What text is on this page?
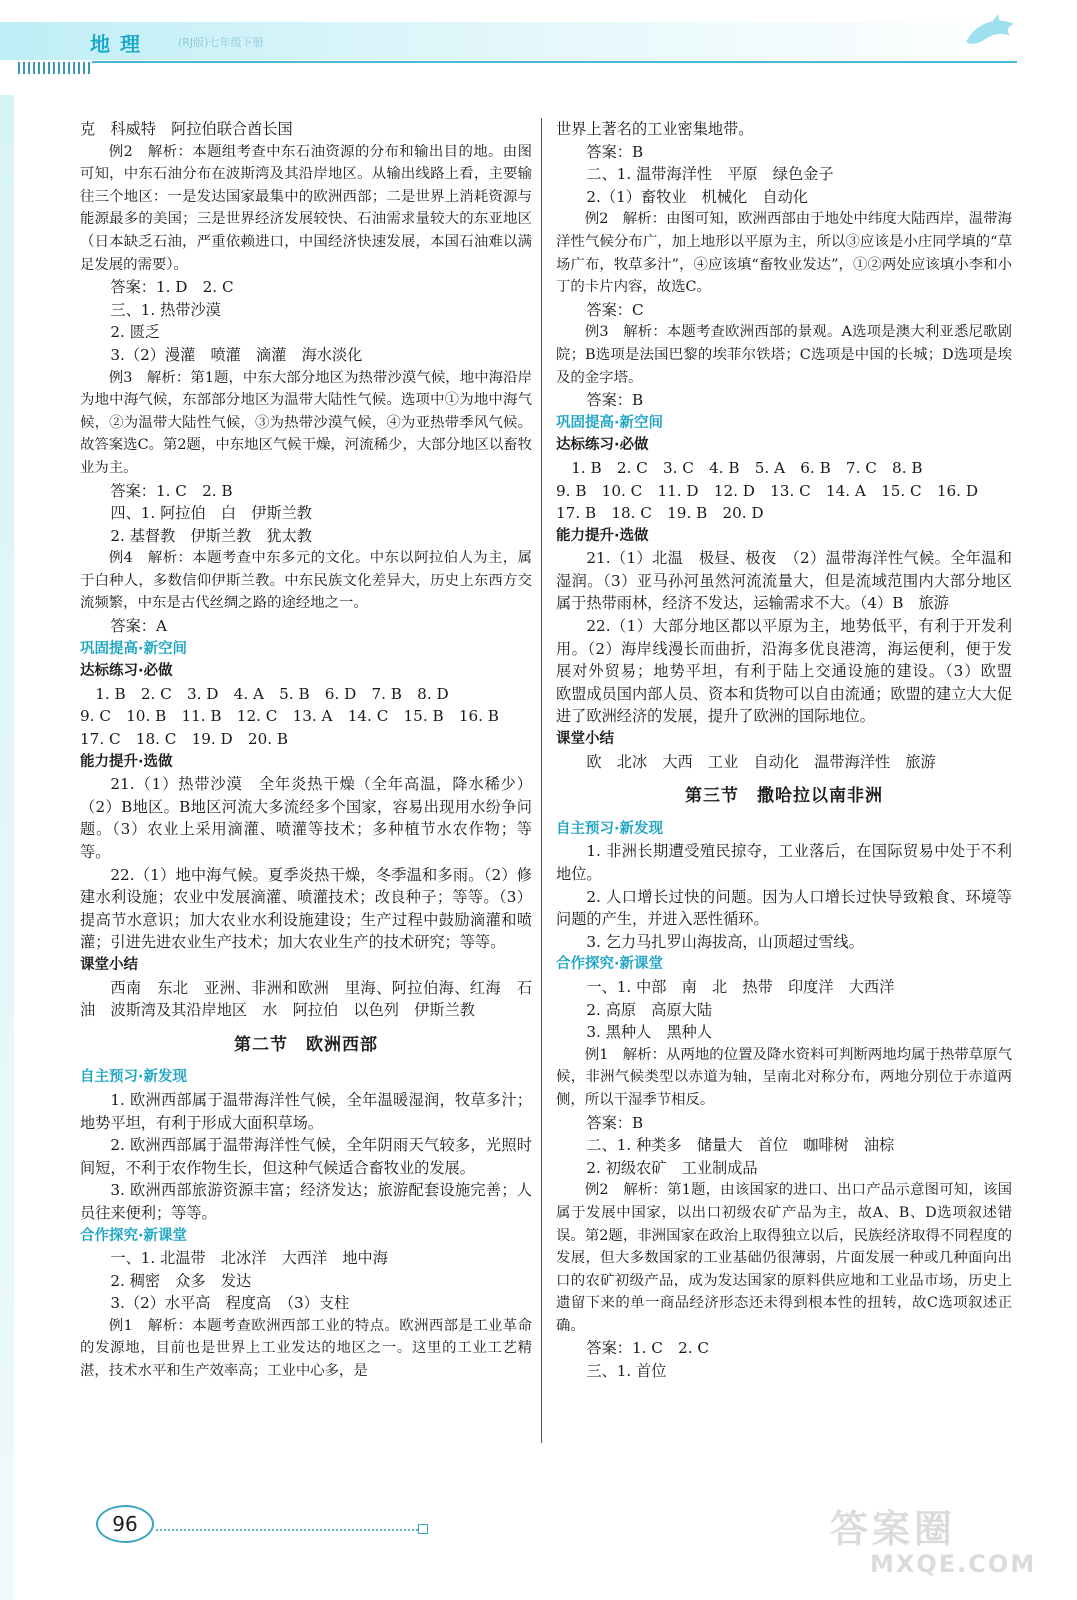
地理	(RJ版)七年级下册
克　科威特　阿拉伯联合酋长国
例2　解析：本题组考查中东石油资源的分布和输出目的地。由图可知，中东石油分布在波斯湾及其沿岸地区。从输出线路上看，主要输往三个地区：一是发达国家最集中的欧洲西部；二是世界上消耗资源与能源最多的美国；三是世界经济发展较快、石油需求量较大的东亚地区（日本缺乏石油，严重依赖进口，中国经济快速发展，本国石油难以满足发展的需要）。
答案：1. D　2. C
三、1. 热带沙漠
2. 匮乏
3.（2）漫灌　喷灌　滴灌　海水淡化
例3　解析：第1题，中东大部分地区为热带沙漠气候，地中海沿岸为地中海气候，东部部分地区为温带大陆性气候。选项中①为地中海气候，②为温带大陆性气候，③为热带沙漠气候，④为亚热带季风气候。故答案选C。第2题，中东地区气候干燥，河流稀少，大部分地区以畜牧业为主。
答案：1. C　2. B
四、1. 阿拉伯　白　伊斯兰教
2. 基督教　伊斯兰教　犹太教
例4　解析：本题考查中东多元的文化。中东以阿拉伯人为主，属于白种人，多数信仰伊斯兰教。中东民族文化差异大，历史上东西方交流频繁，中东是古代丝绸之路的途经地之一。
答案：A
巩固提高·新空间
达标练习·必做
　1. B　2. C　3. D　4. A　5. B　6. D　7. B　8. D
9. C　10. B　11. B　12. C　13. A　14. C　15. B　16. B
17. C　18. C　19. D　20. B
能力提升·选做
21.（1）热带沙漠　全年炎热干燥（全年高温，降水稀少）（2）B地区。B地区河流大多流经多个国家，容易出现用水纷争问题。（3）农业上采用滴灌、喷灌等技术；多种植节水农作物；等等。
22.（1）地中海气候。夏季炎热干燥，冬季温和多雨。（2）修建水利设施；农业中发展滴灌、喷灌技术；改良种子；等等。（3）提高节水意识；加大农业水利设施建设；生产过程中鼓励滴灌和喷灌；引进先进农业生产技术；加大农业生产的技术研究；等等。
课堂小结
西南　东北　亚洲、非洲和欧洲　里海、阿拉伯海、红海　石油　波斯湾及其沿岸地区　水　阿拉伯　以色列　伊斯兰教
第二节　欧洲西部
自主预习·新发现
1. 欧洲西部属于温带海洋性气候，全年温暖湿润，牧草多汁；地势平坦，有利于形成大面积草场。
2. 欧洲西部属于温带海洋性气候，全年阴雨天气较多，光照时间短，不利于农作物生长，但这种气候适合畜牧业的发展。
3. 欧洲西部旅游资源丰富；经济发达；旅游配套设施完善；人员往来便利；等等。
合作探究·新课堂
一、1. 北温带　北冰洋　大西洋　地中海
2. 稠密　众多　发达
3.（2）水平高　程度高　（3）支柱
例1　解析：本题考查欧洲西部工业的特点。欧洲西部是工业革命的发源地，目前也是世界上工业发达的地区之一。这里的工业工艺精湛，技术水平和生产效率高；工业中心多，是
世界上著名的工业密集地带。
答案：B
二、1. 温带海洋性　平原　绿色金子
2.（1）畜牧业　机械化　自动化
例2　解析：由图可知，欧洲西部由于地处中纬度大陆西岸，温带海洋性气候分布广，加上地形以平原为主，所以③应该是小庄同学填的“草场广布，牧草多汁”，④应该填“畜牧业发达”，①②两处应该填小李和小丁的卡片内容，故选C。
答案：C
例3　解析：本题考查欧洲西部的景观。A选项是澳大利亚悉尼歌剧院；B选项是法国巴黎的埃菲尔铁塔；C选项是中国的长城；D选项是埃及的金字塔。
答案：B
巩固提高·新空间
达标练习·必做
　1. B　2. C　3. C　4. B　5. A　6. B　7. C　8. B
9. B　10. C　11. D　12. D　13. C　14. A　15. C　16. D
17. B　18. C　19. B　20. D
能力提升·选做
21.（1）北温　极昼、极夜　（2）温带海洋性气候。全年温和湿润。（3）亚马孙河虽然河流流量大，但是流域范围内大部分地区属于热带雨林，经济不发达，运输需求不大。（4）B　旅游
22.（1）大部分地区都以平原为主，地势低平，有利于开发利用。（2）海岸线漫长而曲折，沿海多优良港湾，海运便利，便于发展对外贸易；地势平坦，有利于陆上交通设施的建设。（3）欧盟　欧盟成员国内部人员、资本和货物可以自由流通；欧盟的建立大大促进了欧洲经济的发展，提升了欧洲的国际地位。
课堂小结
欧　北冰　大西　工业　自动化　温带海洋性　旅游
第三节　撒哈拉以南非洲
自主预习·新发现
1. 非洲长期遭受殖民掠夺，工业落后，在国际贸易中处于不利地位。
2. 人口增长过快的问题。因为人口增长过快导致粮食、环境等问题的产生，并进入恶性循环。
3. 乞力马扎罗山海拔高，山顶超过雪线。
合作探究·新课堂
一、1. 中部　南　北　热带　印度洋　大西洋
2. 高原　高原大陆
3. 黑种人　黑种人
例1　解析：从两地的位置及降水资料可判断两地均属于热带草原气候，非洲气候类型以赤道为轴，呈南北对称分布，两地分别位于赤道两侧，所以干湿季节相反。
答案：B
二、1. 种类多　储量大　首位　咖啡树　油棕
2. 初级农矿　工业制成品
例2　解析：第1题，由该国家的进口、出口产品示意图可知，该国属于发展中国家，以出口初级农矿产品为主，故A、B、D选项叙述错误。第2题，非洲国家在政治上取得独立以后，民族经济取得不同程度的发展，但大多数国家的工业基础仍很薄弱，片面发展一种或几种面向出口的农矿初级产品，成为发达国家的原料供应地和工业品市场，历史上遗留下来的单一商品经济形态还未得到根本性的扭转，故C选项叙述正确。
答案：1. C　2. C
三、1. 首位
96	答案圈
MXQE.COM
